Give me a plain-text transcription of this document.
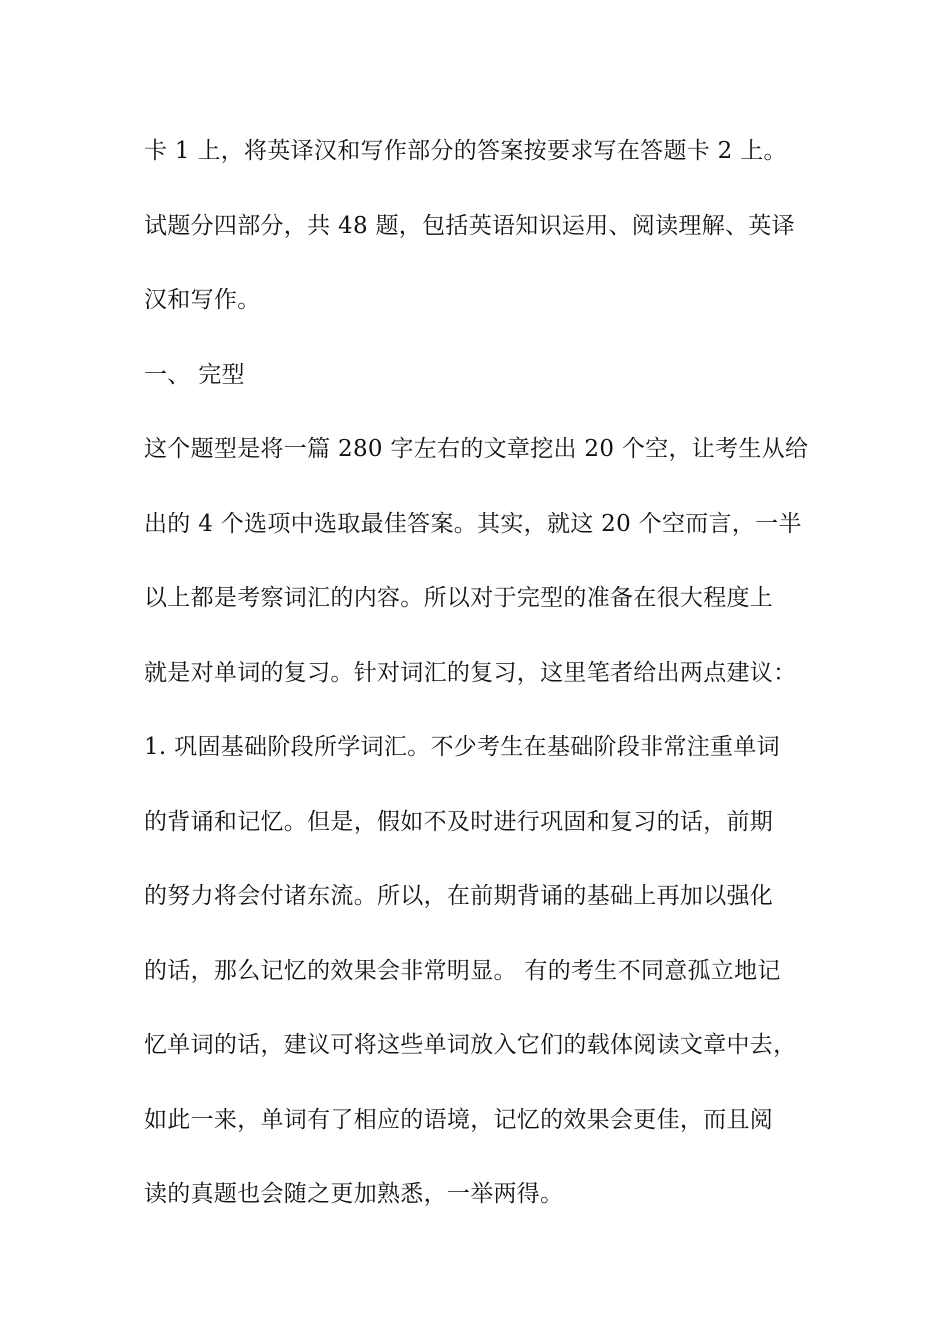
卡 1 上，将英译汉和写作部分的答案按要求写在答题卡 2 上。
试题分四部分，共 48 题，包括英语知识运用、阅读理解、英译
汉和写作。
一、 完型
这个题型是将一篇 280 字左右的文章挖出 20 个空，让考生从给
出的 4 个选项中选取最佳答案。其实，就这 20 个空而言，一半
以上都是考察词汇的内容。所以对于完型的准备在很大程度上
就是对单词的复习。针对词汇的复习，这里笔者给出两点建议：
1. 巩固基础阶段所学词汇。不少考生在基础阶段非常注重单词
的背诵和记忆。但是，假如不及时进行巩固和复习的话，前期
的努力将会付诸东流。所以，在前期背诵的基础上再加以强化
的话，那么记忆的效果会非常明显。 有的考生不同意孤立地记
忆单词的话，建议可将这些单词放入它们的载体阅读文章中去，
如此一来，单词有了相应的语境，记忆的效果会更佳，而且阅
读的真题也会随之更加熟悉，一举两得。
